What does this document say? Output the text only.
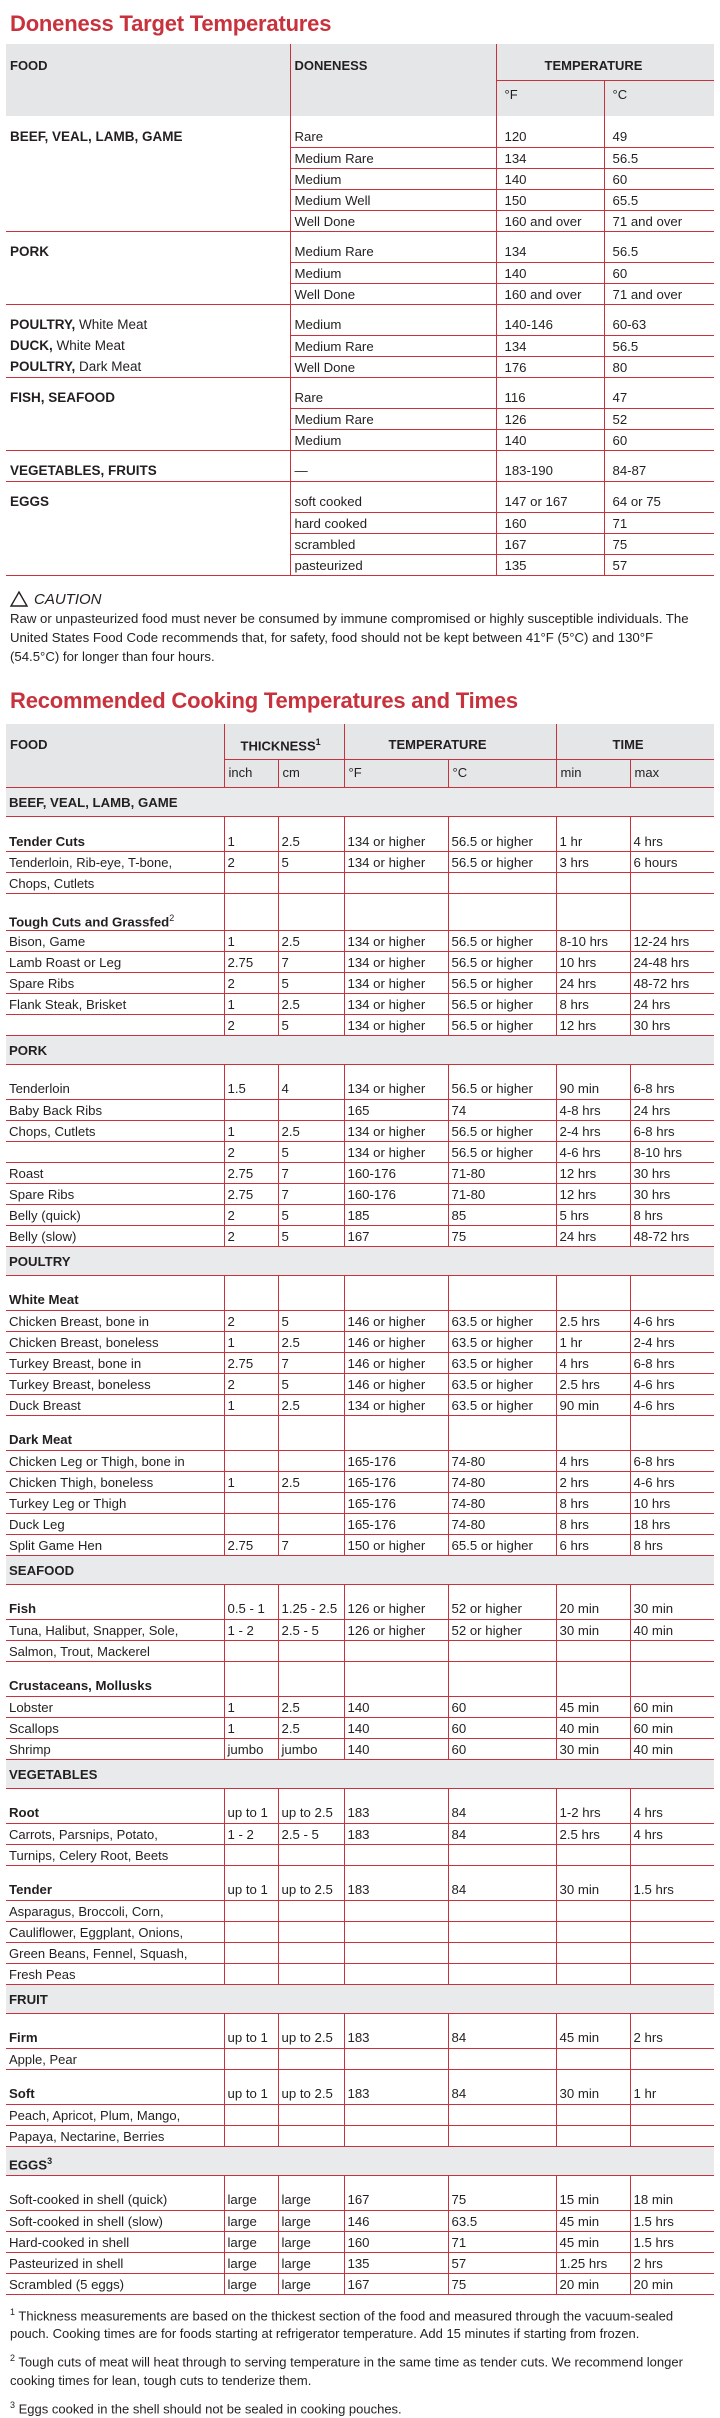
Doneness Target Temperatures
FOOD	DONENESS	TEMPERATURE	
		°F	°C

BEEF, VEAL, LAMB, GAME	Rare	120	49
	Medium Rare	134	56.5
	Medium	140	60
	Medium Well	150	65.5
	Well Done	160 and over	71 and over

PORK	Medium Rare	134	56.5
	Medium	140	60
	Well Done	160 and over	71 and over

POULTRY, White Meat	Medium	140-146	60-63
DUCK, White Meat	Medium Rare	134	56.5
POULTRY, Dark Meat	Well Done	176	80

FISH, SEAFOOD	Rare	116	47
	Medium Rare	126	52
	Medium	140	60

VEGETABLES, FRUITS	—	183-190	84-87

EGGS	soft cooked	147 or 167	64 or 75
	hard cooked	160	71
	scrambled	167	75
	pasteurized	135	57
CAUTION

Raw or unpasteurized food must never be consumed by immune compromised or highly susceptible individuals. The United States Food Code recommends that, for safety, food should not be kept between 41°F (5°C) and 130°F (54.5°C) for longer than four hours.

Recommended Cooking Temperatures and Times
FOOD	THICKNESS$^1$		TEMPERATURE		TIME	
	inch	cm	°F	°C	min	max
BEEF, VEAL, LAMB, GAME						

Tender Cuts	1	2.5	134 or higher	56.5 or higher	1 hr	4 hrs
Tenderloin, Rib-eye, T-bone,	2	5	134 or higher	56.5 or higher	3 hrs	6 hours
Chops, Cutlets						

Tough Cuts and Grassfed$^2$						
Bison, Game	1	2.5	134 or higher	56.5 or higher	8-10 hrs	12-24 hrs
Lamb Roast or Leg	2.75	7	134 or higher	56.5 or higher	10 hrs	24-48 hrs
Spare Ribs	2	5	134 or higher	56.5 or higher	24 hrs	48-72 hrs
Flank Steak, Brisket	1	2.5	134 or higher	56.5 or higher	8 hrs	24 hrs
	2	5	134 or higher	56.5 or higher	12 hrs	30 hrs
PORK						

Tenderloin	1.5	4	134 or higher	56.5 or higher	90 min	6-8 hrs
Baby Back Ribs			165	74	4-8 hrs	24 hrs
Chops, Cutlets	1	2.5	134 or higher	56.5 or higher	2-4 hrs	6-8 hrs
	2	5	134 or higher	56.5 or higher	4-6 hrs	8-10 hrs
Roast	2.75	7	160-176	71-80	12 hrs	30 hrs
Spare Ribs	2.75	7	160-176	71-80	12 hrs	30 hrs
Belly (quick)	2	5	185	85	5 hrs	8 hrs
Belly (slow)	2	5	167	75	24 hrs	48-72 hrs
POULTRY						

White Meat						
Chicken Breast, bone in	2	5	146 or higher	63.5 or higher	2.5 hrs	4-6 hrs
Chicken Breast, boneless	1	2.5	146 or higher	63.5 or higher	1 hr	2-4 hrs
Turkey Breast, bone in	2.75	7	146 or higher	63.5 or higher	4 hrs	6-8 hrs
Turkey Breast, boneless	2	5	146 or higher	63.5 or higher	2.5 hrs	4-6 hrs
Duck Breast	1	2.5	134 or higher	63.5 or higher	90 min	4-6 hrs

Dark Meat						
Chicken Leg or Thigh, bone in			165-176	74-80	4 hrs	6-8 hrs
Chicken Thigh, boneless	1	2.5	165-176	74-80	2 hrs	4-6 hrs
Turkey Leg or Thigh			165-176	74-80	8 hrs	10 hrs
Duck Leg			165-176	74-80	8 hrs	18 hrs
Split Game Hen	2.75	7	150 or higher	65.5 or higher	6 hrs	8 hrs
SEAFOOD						

Fish	0.5 - 1	1.25 - 2.5	126 or higher	52 or higher	20 min	30 min
Tuna, Halibut, Snapper, Sole,	1 - 2	2.5 - 5	126 or higher	52 or higher	30 min	40 min
Salmon, Trout, Mackerel						

Crustaceans, Mollusks						
Lobster	1	2.5	140	60	45 min	60 min
Scallops	1	2.5	140	60	40 min	60 min
Shrimp	jumbo	jumbo	140	60	30 min	40 min
VEGETABLES						

Root	up to 1	up to 2.5	183	84	1-2 hrs	4 hrs
Carrots, Parsnips, Potato,	1 - 2	2.5 - 5	183	84	2.5 hrs	4 hrs
Turnips, Celery Root, Beets						

Tender	up to 1	up to 2.5	183	84	30 min	1.5 hrs
Asparagus, Broccoli, Corn,						
Cauliflower, Eggplant, Onions,						
Green Beans, Fennel, Squash,						
Fresh Peas						
FRUIT						

Firm	up to 1	up to 2.5	183	84	45 min	2 hrs
Apple, Pear						

Soft	up to 1	up to 2.5	183	84	30 min	1 hr
Peach, Apricot, Plum, Mango,						
Papaya, Nectarine, Berries						
EGGS$^3$

Soft-cooked in shell (quick)	large	large	167	75	15 min	18 min
Soft-cooked in shell (slow)	large	large	146	63.5	45 min	1.5 hrs
Hard-cooked in shell	large	large	160	71	45 min	1.5 hrs
Pasteurized in shell	large	large	135	57	1.25 hrs	2 hrs
Scrambled (5 eggs)	large	large	167	75	20 min	20 min

$^1$ Thickness measurements are based on the thickest section of the food and measured through the vacuum-sealed pouch. Cooking times are for foods starting at refrigerator temperature. Add 15 minutes if starting from frozen.

$^2$ Tough cuts of meat will heat through to serving temperature in the same time as tender cuts. We recommend longer cooking times for lean, tough cuts to tenderize them.

$^3$ Eggs cooked in the shell should not be sealed in cooking pouches.
